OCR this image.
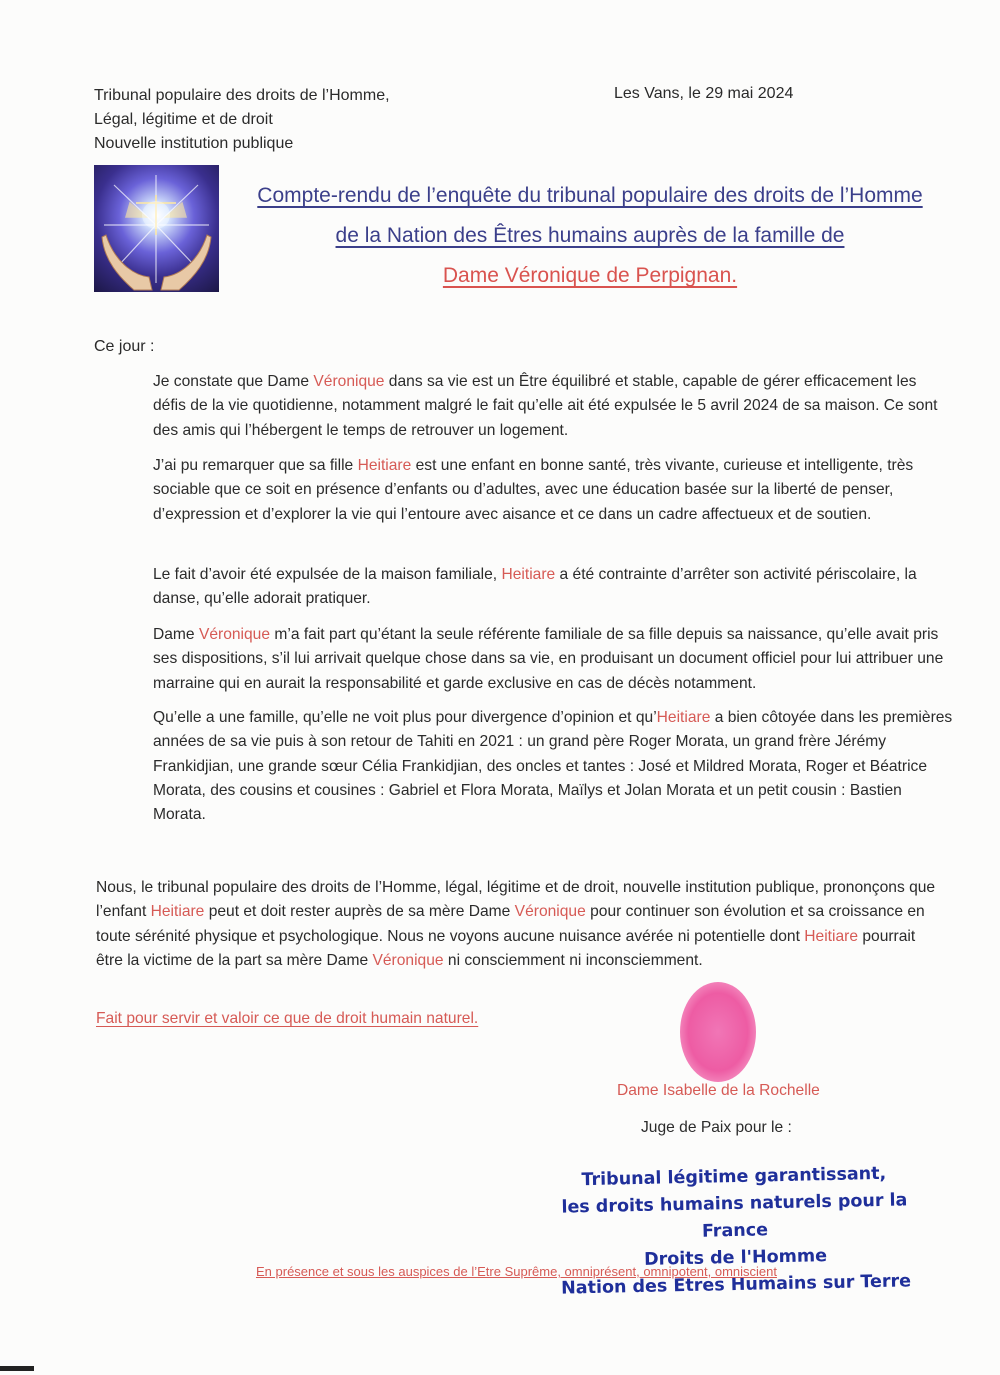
Tribunal populaire des droits de l’Homme,
Légal, légitime et de droit
Nouvelle institution publique
Les Vans, le 29 mai 2024
Compte-rendu de l’enquête du tribunal populaire des droits de l’Homme
de la Nation des Êtres humains auprès de la famille de
Dame Véronique de Perpignan.
Ce jour :
Je constate que Dame Véronique dans sa vie est un Être équilibré et stable, capable de gérer efficacement les défis de la vie quotidienne, notamment malgré le fait qu’elle ait été expulsée le 5 avril 2024 de sa maison. Ce sont des amis qui l’hébergent le temps de retrouver un logement.
J’ai pu remarquer que sa fille Heitiare est une enfant en bonne santé, très vivante, curieuse et intelligente, très sociable que ce soit en présence d’enfants ou d’adultes, avec une éducation basée sur la liberté de penser, d’expression et d’explorer la vie qui l’entoure avec aisance et ce dans un cadre affectueux et de soutien.
Le fait d’avoir été expulsée de la maison familiale, Heitiare a été contrainte d’arrêter son activité périscolaire, la danse, qu’elle adorait pratiquer.
Dame Véronique m’a fait part qu’étant la seule référente familiale de sa fille depuis sa naissance, qu’elle avait pris ses dispositions, s’il lui arrivait quelque chose dans sa vie, en produisant un document officiel pour lui attribuer une marraine qui en aurait la responsabilité et garde exclusive en cas de décès notamment.
Qu’elle a une famille, qu’elle ne voit plus pour divergence d’opinion et qu’Heitiare a bien côtoyée dans les premières années de sa vie puis à son retour de Tahiti en 2021 : un grand père Roger Morata, un grand frère Jérémy Frankidjian, une grande sœur Célia Frankidjian, des oncles et tantes : José et Mildred Morata, Roger et Béatrice Morata, des cousins et cousines : Gabriel et Flora Morata, Maïlys et Jolan Morata et un petit cousin : Bastien Morata.
Nous, le tribunal populaire des droits de l’Homme, légal, légitime et de droit, nouvelle institution publique, prononçons que l’enfant Heitiare peut et doit rester auprès de sa mère Dame Véronique pour continuer son évolution et sa croissance en toute sérénité physique et psychologique. Nous ne voyons aucune nuisance avérée ni potentielle dont Heitiare pourrait être la victime de la part sa mère Dame Véronique ni consciemment ni inconsciemment.
Fait pour servir et valoir ce que de droit humain naturel.
Dame Isabelle de la Rochelle
Juge de Paix pour le :
Tribunal légitime garantissant,
les droits humains naturels pour la France
Droits de l'Homme
Nation des Etres Humains sur Terre
En présence et sous les auspices de l’Etre Suprême, omniprésent, omnipotent, omniscient
